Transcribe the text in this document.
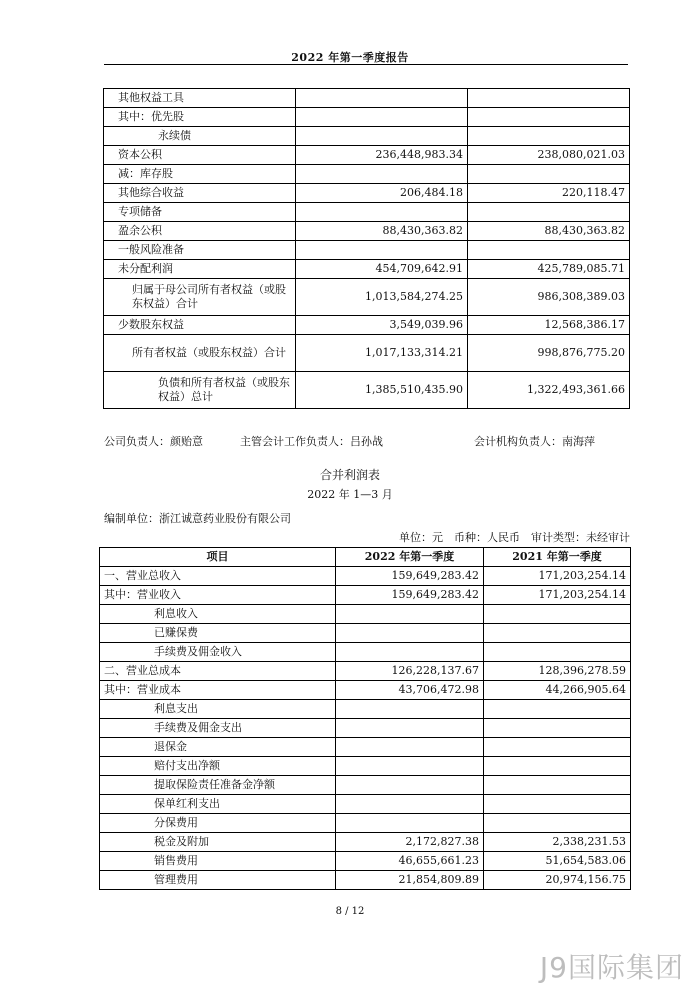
2022 年第一季度报告
其他权益工具		
其中：优先股		
永续债		
资本公积	236,448,983.34	238,080,021.03
减：库存股		
其他综合收益	206,484.18	220,118.47
专项储备		
盈余公积	88,430,363.82	88,430,363.82
一般风险准备		
未分配利润	454,709,642.91	425,789,085.71
归属于母公司所有者权益（或股东权益）合计	1,013,584,274.25	986,308,389.03
少数股东权益	3,549,039.96	12,568,386.17
所有者权益（或股东权益）合计	1,017,133,314.21	998,876,775.20
负债和所有者权益（或股东权益）总计	1,385,510,435.90	1,322,493,361.66
公司负责人：颜贻意	主管会计工作负责人：吕孙战	会计机构负责人：南海萍
合并利润表
2022 年 1—3 月
编制单位：浙江诚意药业股份有限公司
单位：元　币种：人民币　审计类型：未经审计
项目	2022 年第一季度	2021 年第一季度
一、营业总收入	159,649,283.42	171,203,254.14
其中：营业收入	159,649,283.42	171,203,254.14
利息收入		
已赚保费		
手续费及佣金收入		
二、营业总成本	126,228,137.67	128,396,278.59
其中：营业成本	43,706,472.98	44,266,905.64
利息支出		
手续费及佣金支出		
退保金		
赔付支出净额		
提取保险责任准备金净额		
保单红利支出		
分保费用		
税金及附加	2,172,827.38	2,338,231.53
销售费用	46,655,661.23	51,654,583.06
管理费用	21,854,809.89	20,974,156.75
8 / 12
J9国际集团
